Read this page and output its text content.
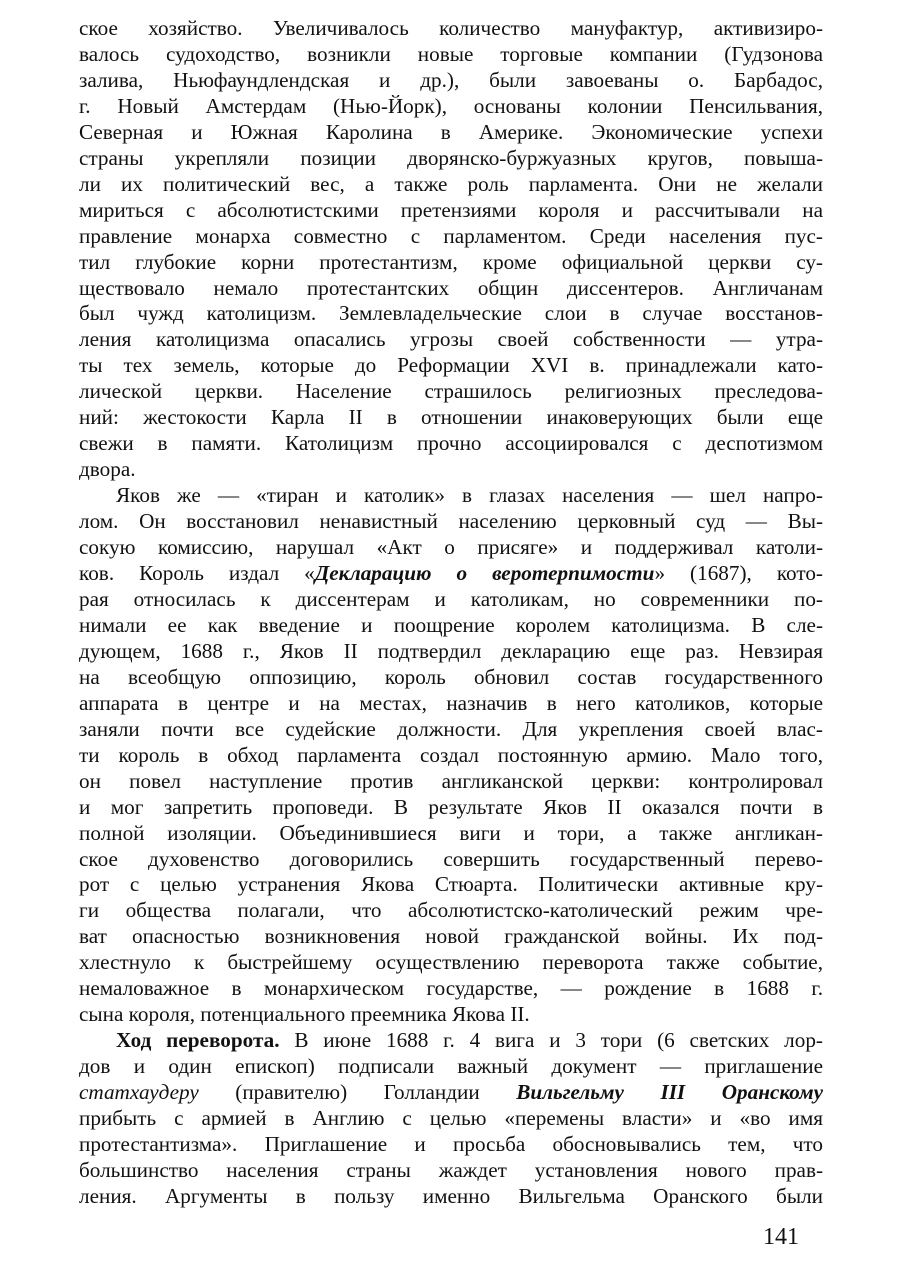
ское хозяйство. Увеличивалось количество мануфактур, активизиро-
валось судоходство, возникли новые торговые компании (Гудзонова
залива, Ньюфаундлендская и др.), были завоеваны о. Барбадос,
г. Новый Амстердам (Нью-Йорк), основаны колонии Пенсильвания,
Северная и Южная Каролина в Америке. Экономические успехи
страны укрепляли позиции дворянско-буржуазных кругов, повыша-
ли их политический вес, а также роль парламента. Они не желали
мириться с абсолютистскими претензиями короля и рассчитывали на
правление монарха совместно с парламентом. Среди населения пус-
тил глубокие корни протестантизм, кроме официальной церкви су-
ществовало немало протестантских общин диссентеров. Англичанам
был чужд католицизм. Землевладельческие слои в случае восстанов-
ления католицизма опасались угрозы своей собственности — утра-
ты тех земель, которые до Реформации XVI в. принадлежали като-
лической церкви. Население страшилось религиозных преследова-
ний: жестокости Карла II в отношении инаковерующих были еще
свежи в памяти. Католицизм прочно ассоциировался с деспотизмом
двора.
Яков же — «тиран и католик» в глазах населения — шел напро-
лом. Он восстановил ненавистный населению церковный суд — Вы-
сокую комиссию, нарушал «Акт о присяге» и поддерживал католи-
ков. Король издал «Декларацию о веротерпимости» (1687), кото-
рая относилась к диссентерам и католикам, но современники по-
нимали ее как введение и поощрение королем католицизма. В сле-
дующем, 1688 г., Яков II подтвердил декларацию еще раз. Невзирая
на всеобщую оппозицию, король обновил состав государственного
аппарата в центре и на местах, назначив в него католиков, которые
заняли почти все судейские должности. Для укрепления своей влас-
ти король в обход парламента создал постоянную армию. Мало того,
он повел наступление против англиканской церкви: контролировал
и мог запретить проповеди. В результате Яков II оказался почти в
полной изоляции. Объединившиеся виги и тори, а также англикан-
ское духовенство договорились совершить государственный перево-
рот с целью устранения Якова Стюарта. Политически активные кру-
ги общества полагали, что абсолютистско-католический режим чре-
ват опасностью возникновения новой гражданской войны. Их под-
хлестнуло к быстрейшему осуществлению переворота также событие,
немаловажное в монархическом государстве, — рождение в 1688 г.
сына короля, потенциального преемника Якова II.
Ход переворота. В июне 1688 г. 4 вига и 3 тори (6 светских лор-
дов и один епископ) подписали важный документ — приглашение
статхаудеру (правителю) Голландии Вильгельму III Оранскому
прибыть с армией в Англию с целью «перемены власти» и «во имя
протестантизма». Приглашение и просьба обосновывались тем, что
большинство населения страны жаждет установления нового прав-
ления. Аргументы в пользу именно Вильгельма Оранского были
141
